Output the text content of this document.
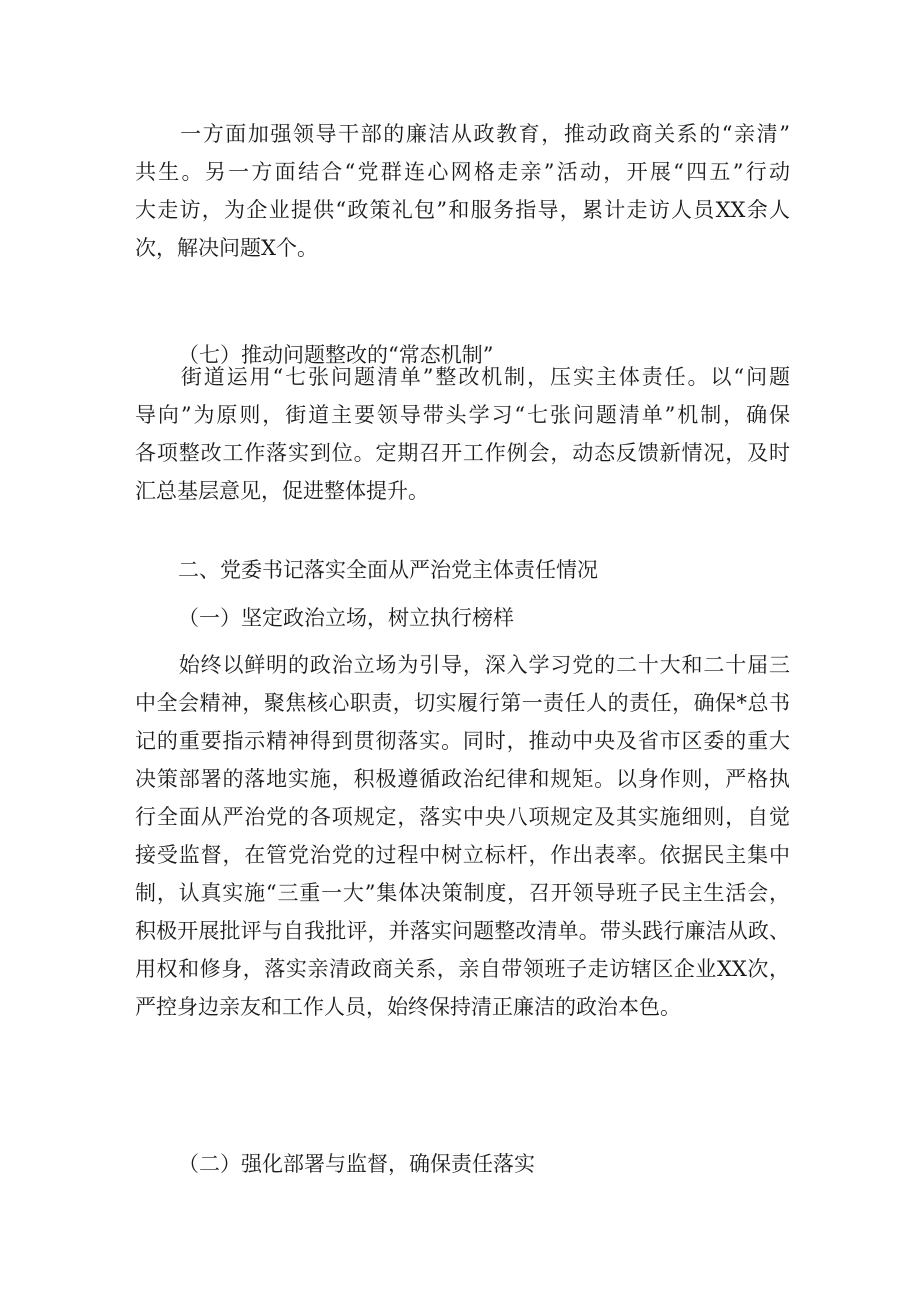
　　一方面加强领导干部的廉洁从政教育，推动政商关系的“亲清”
共生。另一方面结合“党群连心网格走亲”活动，开展“四五”行动
大走访，为企业提供“政策礼包”和服务指导，累计走访人员XX余人
次，解决问题X个。
（七）推动问题整改的“常态机制”
　　街道运用“七张问题清单”整改机制，压实主体责任。以“问题
导向”为原则，街道主要领导带头学习“七张问题清单”机制，确保
各项整改工作落实到位。定期召开工作例会，动态反馈新情况，及时
汇总基层意见，促进整体提升。
二、党委书记落实全面从严治党主体责任情况
（一）坚定政治立场，树立执行榜样
　　始终以鲜明的政治立场为引导，深入学习党的二十大和二十届三
中全会精神，聚焦核心职责，切实履行第一责任人的责任，确保*总书
记的重要指示精神得到贯彻落实。同时，推动中央及省市区委的重大
决策部署的落地实施，积极遵循政治纪律和规矩。以身作则，严格执
行全面从严治党的各项规定，落实中央八项规定及其实施细则，自觉
接受监督，在管党治党的过程中树立标杆，作出表率。依据民主集中
制，认真实施“三重一大”集体决策制度，召开领导班子民主生活会，
积极开展批评与自我批评，并落实问题整改清单。带头践行廉洁从政、
用权和修身，落实亲清政商关系，亲自带领班子走访辖区企业XX次，
严控身边亲友和工作人员，始终保持清正廉洁的政治本色。
（二）强化部署与监督，确保责任落实
